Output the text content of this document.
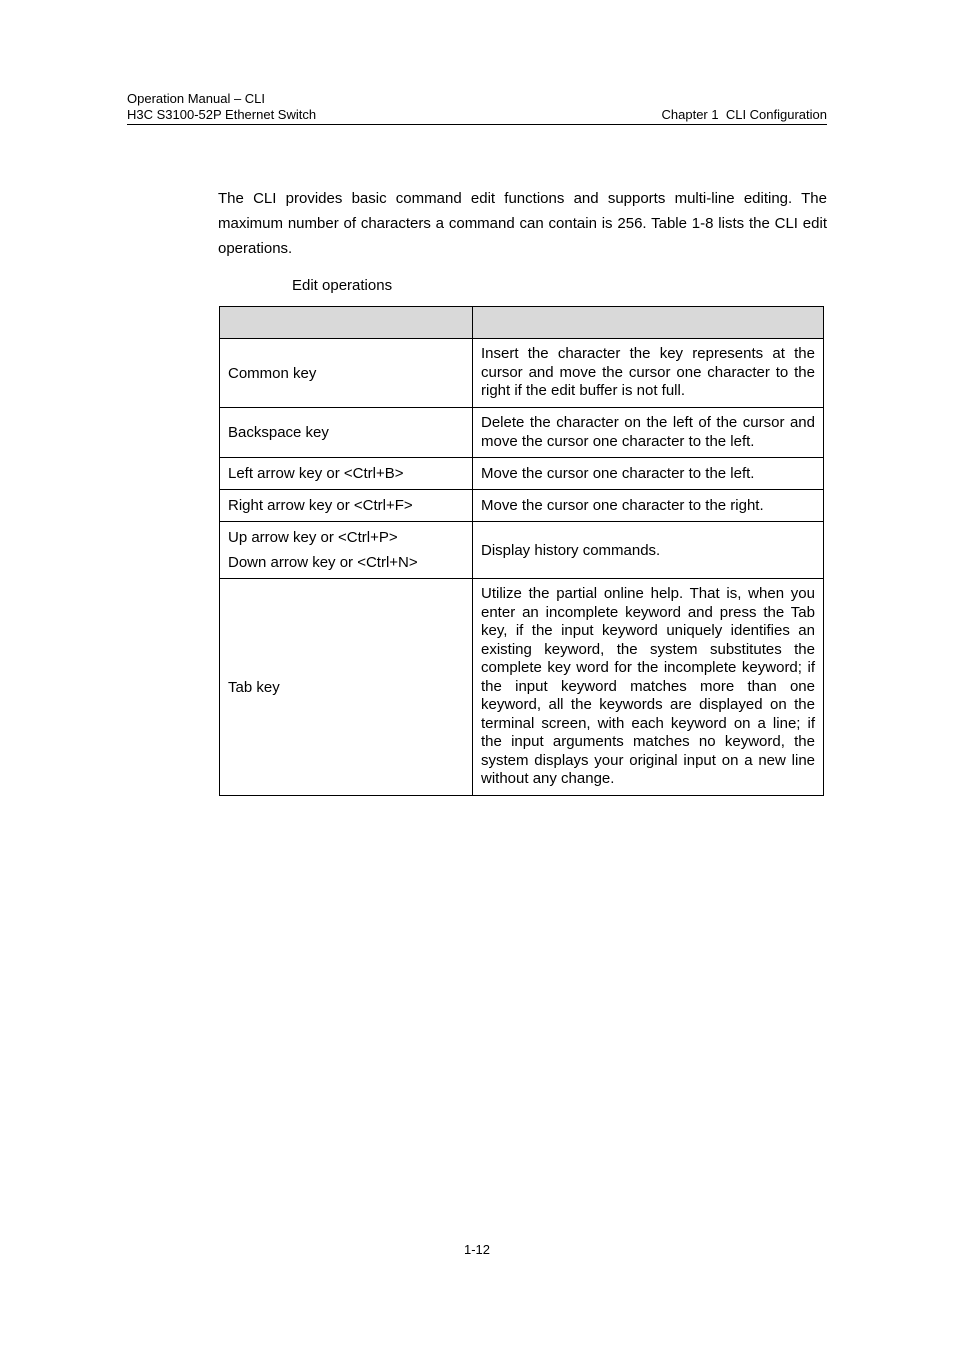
Operation Manual – CLI
H3C S3100-52P Ethernet Switch	Chapter 1  CLI Configuration

The CLI provides basic command edit functions and supports multi-line editing. The maximum number of characters a command can contain is 256. Table 1-8 lists the CLI edit operations.

Edit operations

Common key	Insert the character the key represents at the cursor and move the cursor one character to the right if the edit buffer is not full.

Backspace key	Delete the character on the left of the cursor and move the cursor one character to the left.

Left arrow key or <Ctrl+B>	Move the cursor one character to the left.

Right arrow key or <Ctrl+F>	Move the cursor one character to the right.

Up arrow key or <Ctrl+P>
Down arrow key or <Ctrl+N>	Display history commands.

Tab key	Utilize the partial online help. That is, when you enter an incomplete keyword and press the Tab key, if the input keyword uniquely identifies an existing keyword, the system substitutes the complete key word for the incomplete keyword; if the input keyword matches more than one keyword, all the keywords are displayed on the terminal screen, with each keyword on a line; if the input arguments matches no keyword, the system displays your original input on a new line without any change.
1-12
